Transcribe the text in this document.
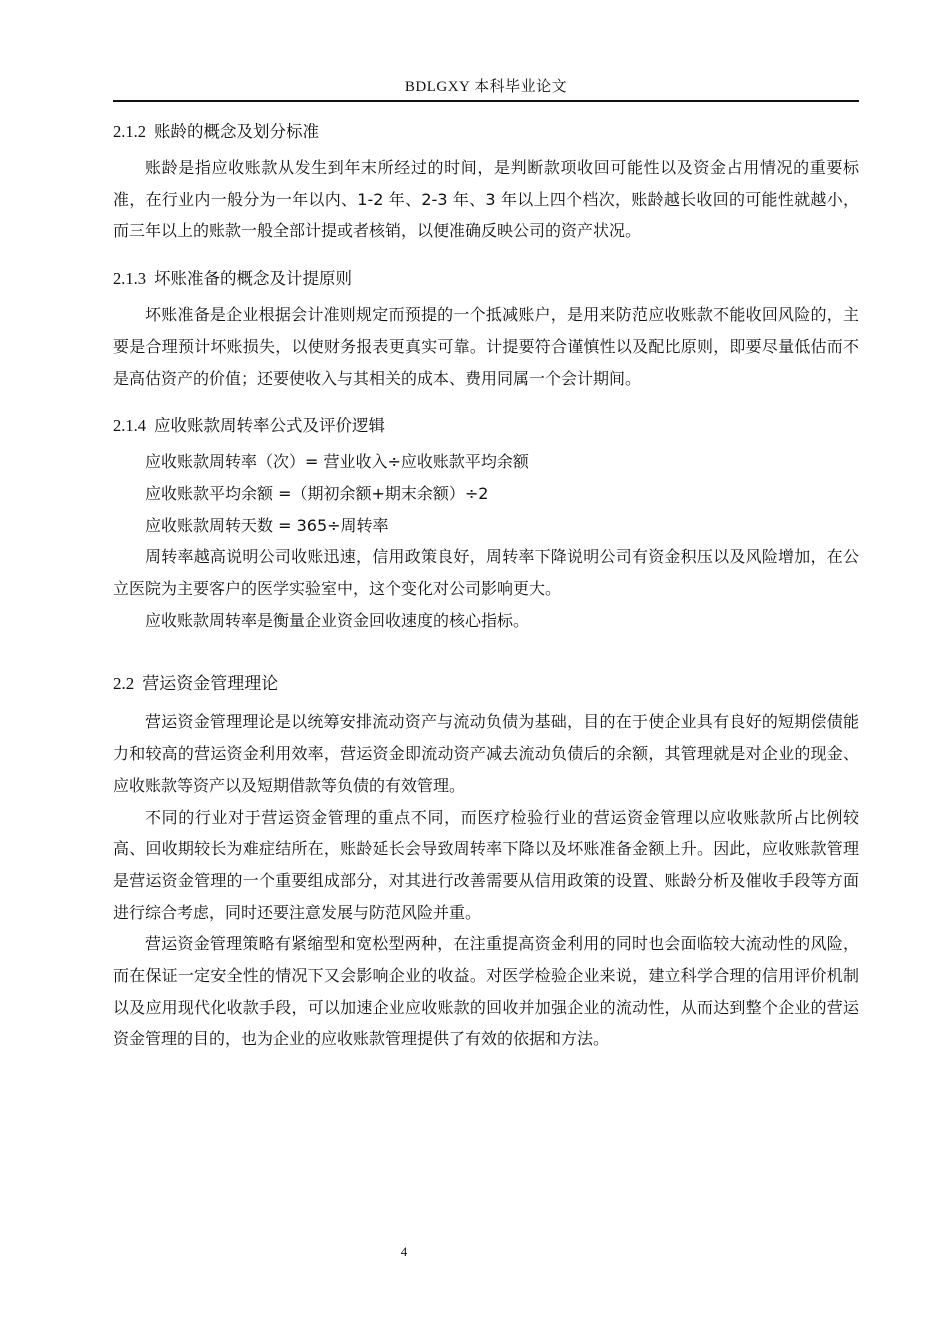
BDLGXY 本科毕业论文
2.1.2 账龄的概念及划分标准

账龄是指应收账款从发生到年末所经过的时间，是判断款项收回可能性以及资金占用情况的重要标准，在行业内一般分为一年以内、1-2 年、2-3 年、3 年以上四个档次，账龄越长收回的可能性就越小，而三年以上的账款一般全部计提或者核销，以便准确反映公司的资产状况。

2.1.3 坏账准备的概念及计提原则

坏账准备是企业根据会计准则规定而预提的一个抵减账户，是用来防范应收账款不能收回风险的，主要是合理预计坏账损失，以使财务报表更真实可靠。计提要符合谨慎性以及配比原则，即要尽量低估而不是高估资产的价值；还要使收入与其相关的成本、费用同属一个会计期间。

2.1.4 应收账款周转率公式及评价逻辑

应收账款周转率（次）= 营业收入÷应收账款平均余额

应收账款平均余额 =（期初余额+期末余额）÷2

应收账款周转天数 = 365÷周转率

周转率越高说明公司收账迅速，信用政策良好，周转率下降说明公司有资金积压以及风险增加，在公立医院为主要客户的医学实验室中，这个变化对公司影响更大。

应收账款周转率是衡量企业资金回收速度的核心指标。

2.2 营运资金管理理论

营运资金管理理论是以统筹安排流动资产与流动负债为基础，目的在于使企业具有良好的短期偿债能力和较高的营运资金利用效率，营运资金即流动资产减去流动负债后的余额，其管理就是对企业的现金、应收账款等资产以及短期借款等负债的有效管理。

不同的行业对于营运资金管理的重点不同，而医疗检验行业的营运资金管理以应收账款所占比例较高、回收期较长为难症结所在，账龄延长会导致周转率下降以及坏账准备金额上升。因此，应收账款管理是营运资金管理的一个重要组成部分，对其进行改善需要从信用政策的设置、账龄分析及催收手段等方面进行综合考虑，同时还要注意发展与防范风险并重。

营运资金管理策略有紧缩型和宽松型两种，在注重提高资金利用的同时也会面临较大流动性的风险，而在保证一定安全性的情况下又会影响企业的收益。对医学检验企业来说，建立科学合理的信用评价机制以及应用现代化收款手段，可以加速企业应收账款的回收并加强企业的流动性，从而达到整个企业的营运资金管理的目的，也为企业的应收账款管理提供了有效的依据和方法。

4
